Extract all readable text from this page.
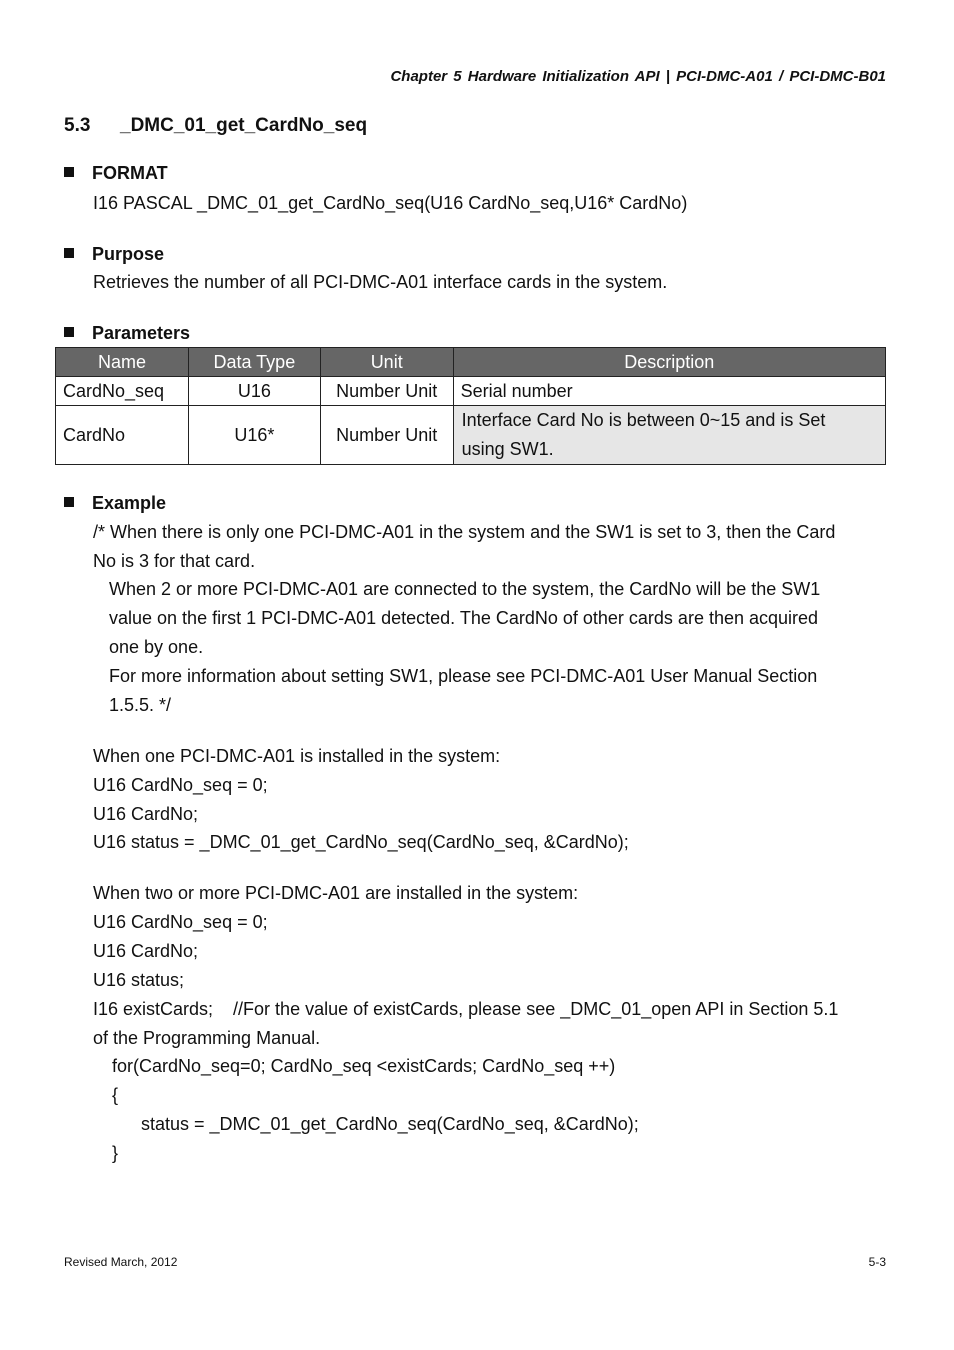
Chapter 5 Hardware Initialization API | PCI-DMC-A01 / PCI-DMC-B01
5.3 _DMC_01_get_CardNo_seq
FORMAT
I16 PASCAL _DMC_01_get_CardNo_seq(U16 CardNo_seq,U16* CardNo)
Purpose
Retrieves the number of all PCI-DMC-A01 interface cards in the system.
Parameters
Name	Data Type	Unit	Description
CardNo_seq	U16	Number Unit	Serial number
CardNo	U16*	Number Unit	Interface Card No is between 0~15 and is Set
using SW1.
Example
/* When there is only one PCI-DMC-A01 in the system and the SW1 is set to 3, then the Card
No is 3 for that card.
When 2 or more PCI-DMC-A01 are connected to the system, the CardNo will be the SW1
value on the first 1 PCI-DMC-A01 detected. The CardNo of other cards are then acquired
one by one.
For more information about setting SW1, please see PCI-DMC-A01 User Manual Section
1.5.5. */
When one PCI-DMC-A01 is installed in the system:
U16 CardNo_seq = 0;
U16 CardNo;
U16 status = _DMC_01_get_CardNo_seq(CardNo_seq, &CardNo);
When two or more PCI-DMC-A01 are installed in the system:
U16 CardNo_seq = 0;
U16 CardNo;
U16 status;
I16 existCards;    //For the value of existCards, please see _DMC_01_open API in Section 5.1
of the Programming Manual.
for(CardNo_seq=0; CardNo_seq <existCards; CardNo_seq ++)
{
status = _DMC_01_get_CardNo_seq(CardNo_seq, &CardNo);
}
Revised March, 2012	5-3
